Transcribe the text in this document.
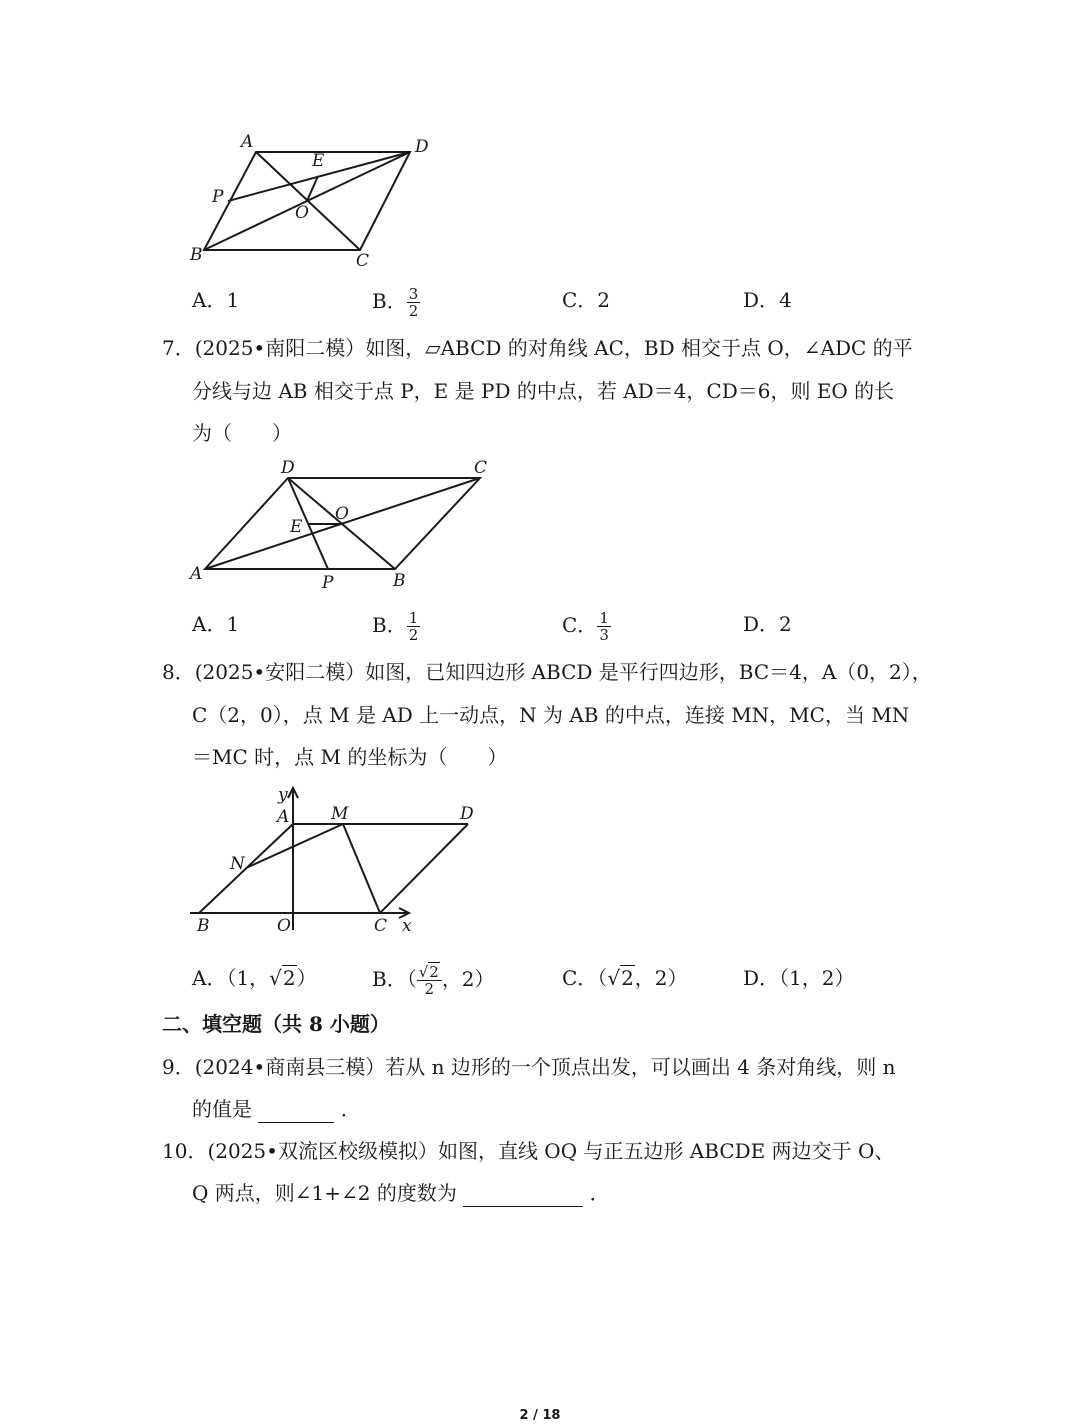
A	D
E
P
O
B	C
A．1	B． $\frac{3}{2}$	C．2	D．4
7．(2025•南阳二模）如图，▱ABCD 的对角线 AC，BD 相交于点 O，∠ADC 的平
分线与边 AB 相交于点 P，E 是 PD 的中点，若 AD＝4，CD＝6，则 EO 的长
为（　　）
D	C
O
E
A	P	B
A．1	B． $\frac{1}{2}$	C． $\frac{1}{3}$	D．2
8．(2025•安阳二模）如图，已知四边形 ABCD 是平行四边形，BC＝4，A（0，2），
C（2，0），点 M 是 AD 上一动点，N 为 AB 的中点，连接 MN，MC，当 MN
＝MC 时，点 M 的坐标为（　　）
y
A M	D
N
B	O	C x
A．（1，√2）	B．（ $\frac{√2}{2}$ ，2）	C．（√2，2）	D．（1，2）
二、填空题（共 8 小题）
9．(2024•商南县三模）若从 n 边形的一个顶点出发，可以画出 4 条对角线，则 n
的值是	．
10．(2025•双流区校级模拟）如图，直线 OQ 与正五边形 ABCDE 两边交于 O、
Q 两点，则∠1+∠2 的度数为	．
2 / 18
